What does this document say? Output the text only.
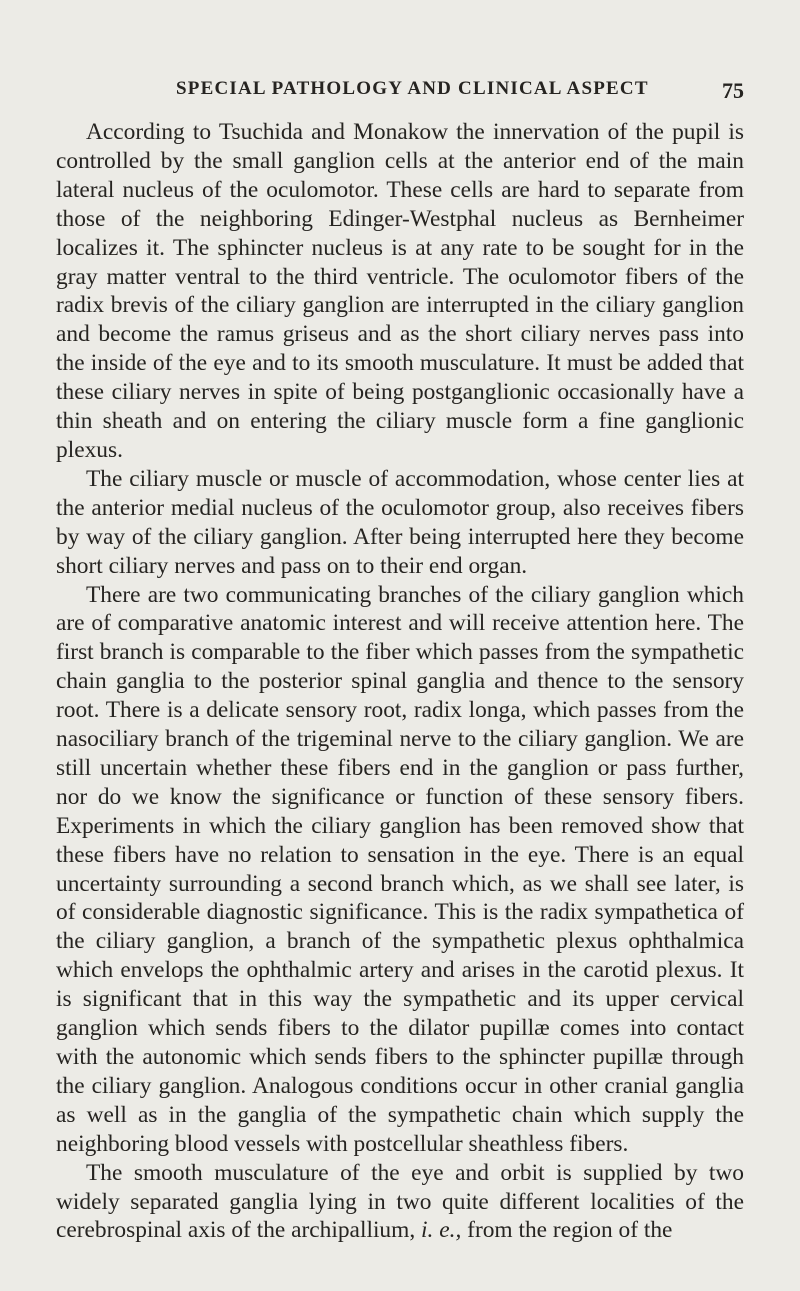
SPECIAL PATHOLOGY AND CLINICAL ASPECT	75

According to Tsuchida and Monakow the innervation of the pupil is controlled by the small ganglion cells at the anterior end of the main lateral nucleus of the oculomotor. These cells are hard to separate from those of the neighboring Edinger-Westphal nucleus as Bernheimer localizes it. The sphincter nucleus is at any rate to be sought for in the gray matter ventral to the third ventricle. The oculomotor fibers of the radix brevis of the ciliary ganglion are interrupted in the ciliary ganglion and become the ramus griseus and as the short ciliary nerves pass into the inside of the eye and to its smooth musculature. It must be added that these ciliary nerves in spite of being postganglionic occasionally have a thin sheath and on entering the ciliary muscle form a fine ganglionic plexus.

The ciliary muscle or muscle of accommodation, whose center lies at the anterior medial nucleus of the oculomotor group, also receives fibers by way of the ciliary ganglion. After being interrupted here they become short ciliary nerves and pass on to their end organ.

There are two communicating branches of the ciliary ganglion which are of comparative anatomic interest and will receive attention here. The first branch is comparable to the fiber which passes from the sympathetic chain ganglia to the posterior spinal ganglia and thence to the sensory root. There is a delicate sensory root, radix longa, which passes from the nasociliary branch of the trigeminal nerve to the ciliary ganglion. We are still uncertain whether these fibers end in the ganglion or pass further, nor do we know the significance or function of these sensory fibers. Experiments in which the ciliary ganglion has been removed show that these fibers have no relation to sensation in the eye. There is an equal uncertainty surrounding a second branch which, as we shall see later, is of considerable diagnostic significance. This is the radix sympathetica of the ciliary ganglion, a branch of the sympathetic plexus ophthalmica which envelops the ophthalmic artery and arises in the carotid plexus. It is significant that in this way the sympathetic and its upper cervical ganglion which sends fibers to the dilator pupillæ comes into contact with the autonomic which sends fibers to the sphincter pupillæ through the ciliary ganglion. Analogous conditions occur in other cranial ganglia as well as in the ganglia of the sympathetic chain which supply the neighboring blood vessels with postcellular sheathless fibers.

The smooth musculature of the eye and orbit is supplied by two widely separated ganglia lying in two quite different localities of the cerebrospinal axis of the archipallium, i. e., from the region of the
